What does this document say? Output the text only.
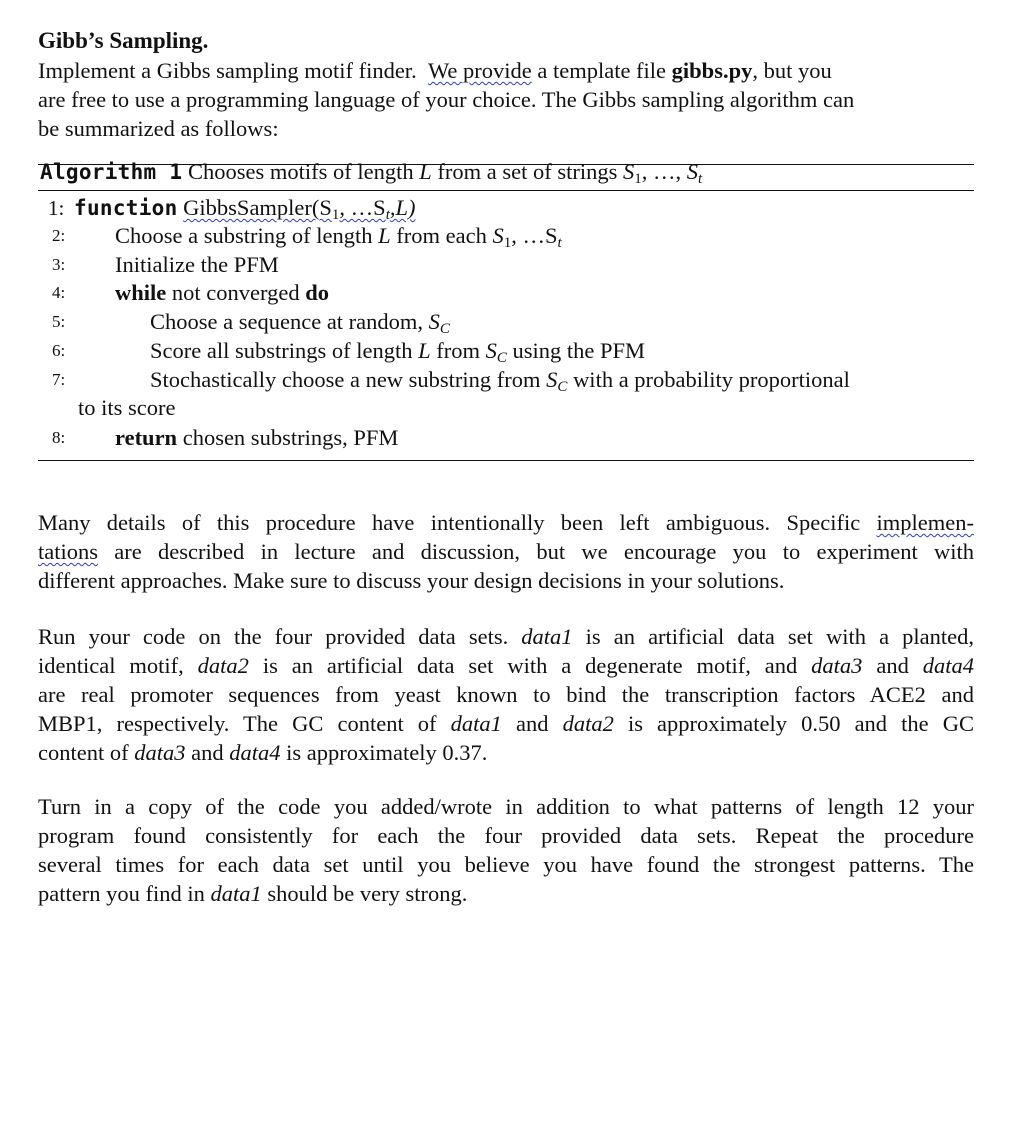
Gibb’s Sampling.

Implement a Gibbs sampling motif finder. We provide a template file gibbs.py, but you
are free to use a programming language of your choice. The Gibbs sampling algorithm can
be summarized as follows:
Algorithm 1 Chooses motifs of length L from a set of strings $S_1$, …, St
1: function $GibbsSampler(S_1$, …St,L)
2: Choose a substring of length L from each $S_1$, …St
3: Initialize the PFM
4: while not converged do
5:	Choose a sequence at random, SC
6:	Score all substrings of length L from SC using the PFM
7:	Stochastically choose a new substring from SC with a probability proportional
to its score
8: return chosen substrings, PFM
Many details of this procedure have intentionally been left ambiguous. Specific implemen-
tations are described in lecture and discussion, but we encourage you to experiment with
different approaches. Make sure to discuss your design decisions in your solutions.
Run your code on the four provided data sets. data1 is an artificial data set with a planted,
identical motif, data2 is an artificial data set with a degenerate motif, and data3 and data4
are real promoter sequences from yeast known to bind the transcription factors ACE2 and
MBP1, respectively. The GC content of data1 and data2 is approximately 0.50 and the GC
content of data3 and data4 is approximately 0.37.
Turn in a copy of the code you added/wrote in addition to what patterns of length 12 your
program found consistently for each the four provided data sets. Repeat the procedure
several times for each data set until you believe you have found the strongest patterns. The
pattern you find in data1 should be very strong.
